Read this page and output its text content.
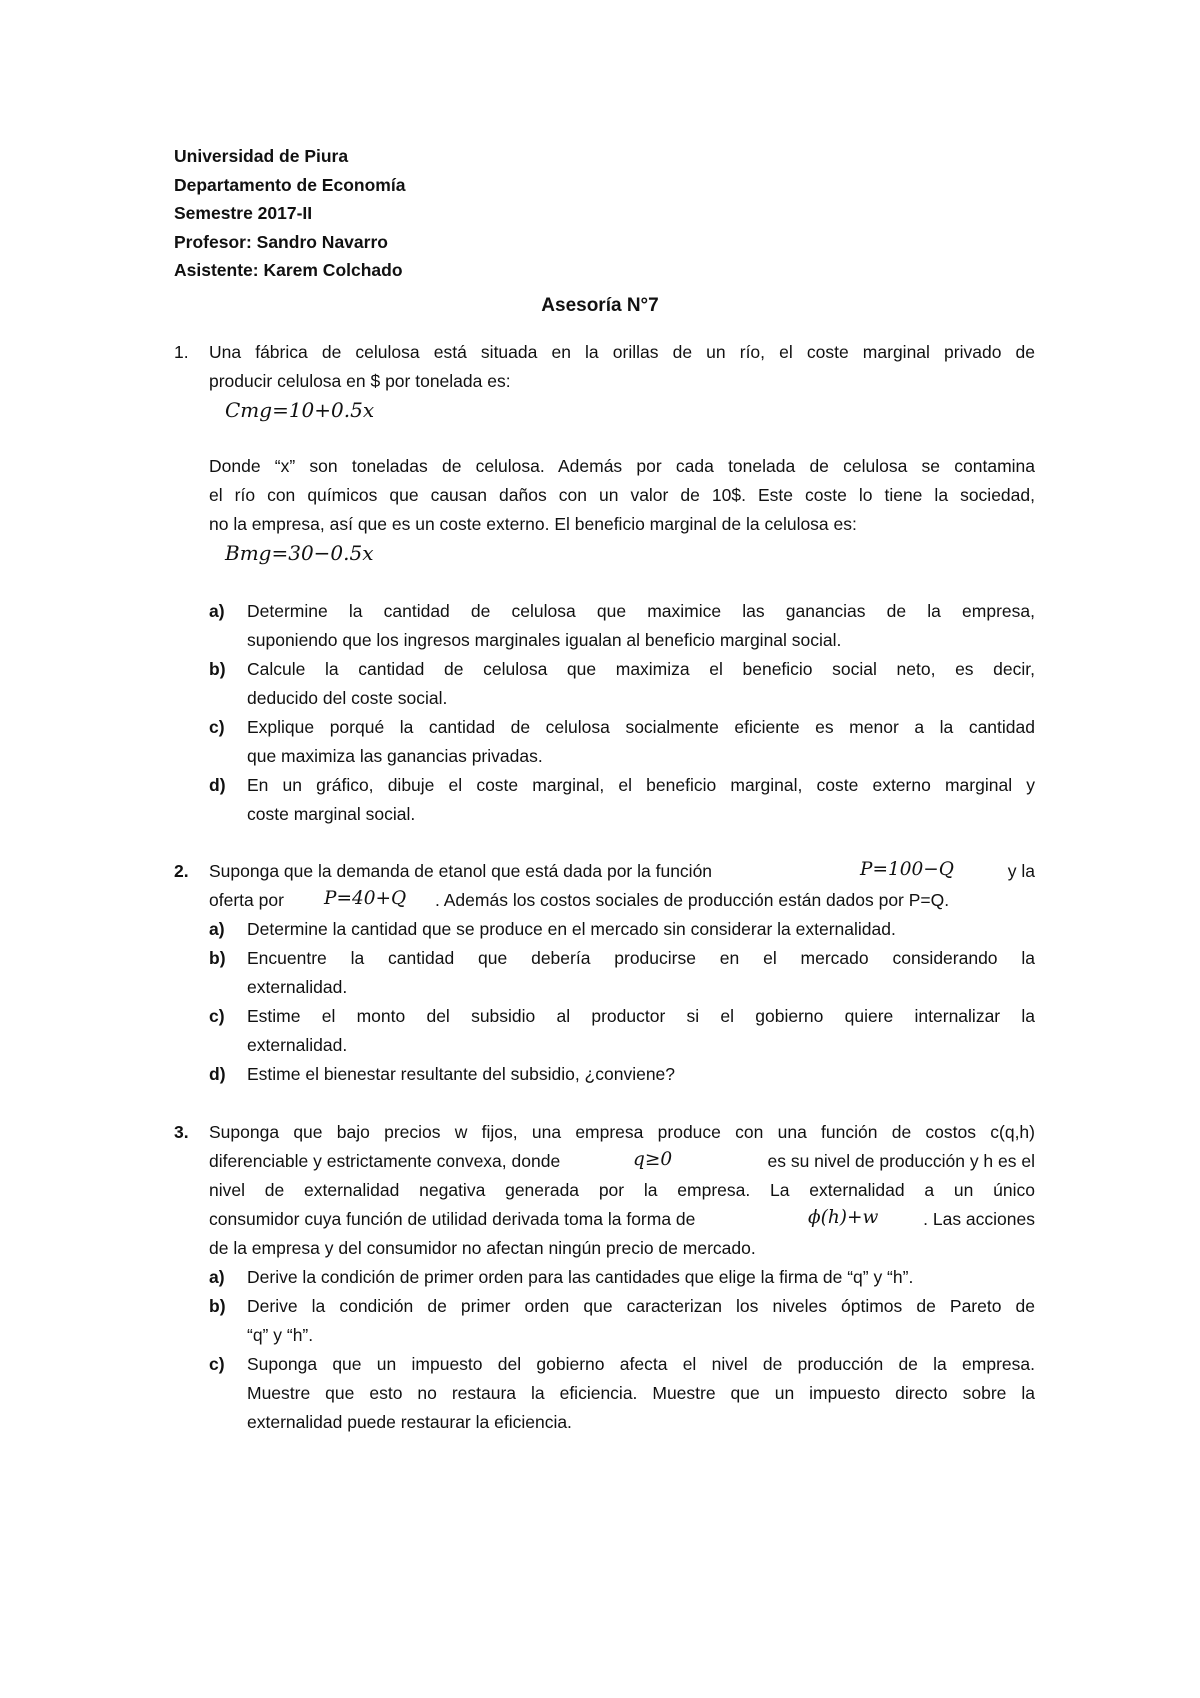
Universidad de Piura
Departamento de Economía
Semestre 2017-II
Profesor: Sandro Navarro
Asistente: Karem Colchado
Asesoría N°7
1. Una fábrica de celulosa está situada en la orillas de un río, el coste marginal privado de
producir celulosa en $ por tonelada es:
Cmg=10+0.5x
Donde “x” son toneladas de celulosa. Además por cada tonelada de celulosa se contamina
el río con químicos que causan daños con un valor de 10$. Este coste lo tiene la sociedad,
no la empresa, así que es un coste externo. El beneficio marginal de la celulosa es:
Bmg=30−0.5x
a) Determine la cantidad de celulosa que maximice las ganancias de la empresa,
suponiendo que los ingresos marginales igualan al beneficio marginal social.
b) Calcule la cantidad de celulosa que maximiza el beneficio social neto, es decir,
deducido del coste social.
c) Explique porqué la cantidad de celulosa socialmente eficiente es menor a la cantidad
que maximiza las ganancias privadas.
d) En un gráfico, dibuje el coste marginal, el beneficio marginal, coste externo marginal y
coste marginal social.
2. Suponga que la demanda de etanol que está dada por la función	P=100−Q	y la
oferta por P=40+Q . Además los costos sociales de producción están dados por P=Q.
a) Determine la cantidad que se produce en el mercado sin considerar la externalidad.
b) Encuentre la cantidad que debería producirse en el mercado considerando la
externalidad.
c) Estime el monto del subsidio al productor si el gobierno quiere internalizar la
externalidad.
d) Estime el bienestar resultante del subsidio, ¿conviene?
3. Suponga que bajo precios w fijos, una empresa produce con una función de costos c(q,h)
diferenciable y estrictamente convexa, donde	q≥0	es su nivel de producción y h es el
nivel de externalidad negativa generada por la empresa. La externalidad a un único
consumidor cuya función de utilidad derivada toma la forma de	ϕ(h)+w	. Las acciones
de la empresa y del consumidor no afectan ningún precio de mercado.
a) Derive la condición de primer orden para las cantidades que elige la firma de “q” y “h”.
b) Derive la condición de primer orden que caracterizan los niveles óptimos de Pareto de
“q” y “h”.
c) Suponga que un impuesto del gobierno afecta el nivel de producción de la empresa.
Muestre que esto no restaura la eficiencia. Muestre que un impuesto directo sobre la
externalidad puede restaurar la eficiencia.
